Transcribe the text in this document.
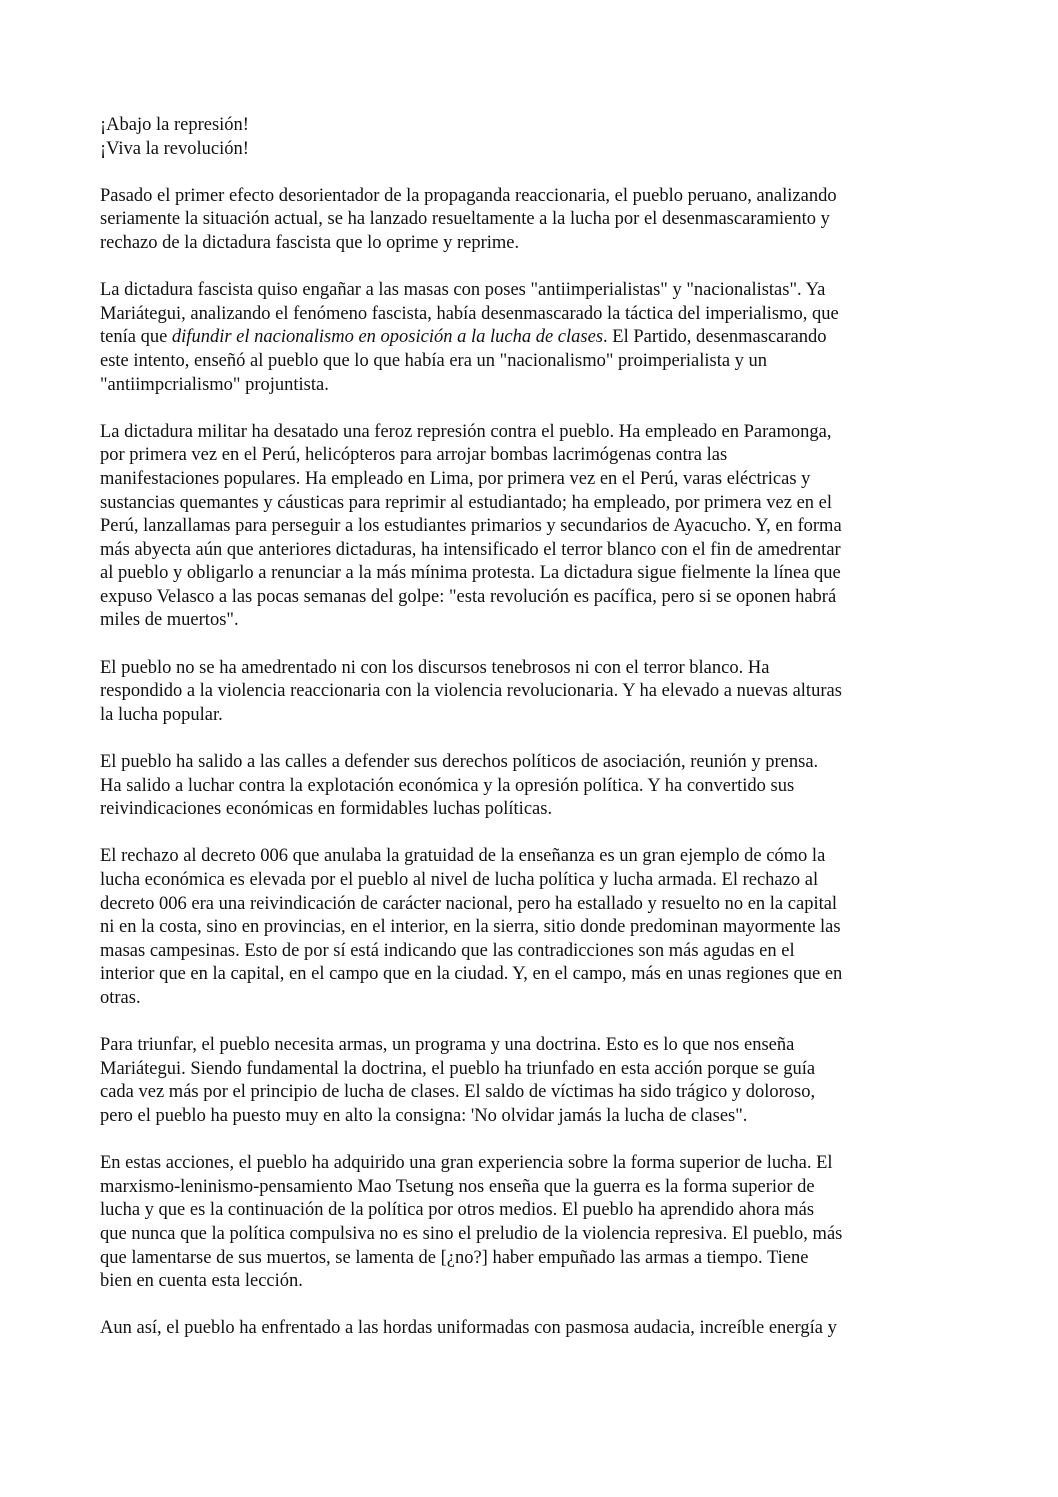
¡Abajo la represión!
¡Viva la revolución!

Pasado el primer efecto desorientador de la propaganda reaccionaria, el pueblo peruano, analizando
seriamente la situación actual, se ha lanzado resueltamente a la lucha por el desenmascaramiento y
rechazo de la dictadura fascista que lo oprime y reprime.

La dictadura fascista quiso engañar a las masas con poses "antiimperialistas" y "nacionalistas". Ya
Mariátegui, analizando el fenómeno fascista, había desenmascarado la táctica del imperialismo, que
tenía que difundir el nacionalismo en oposición a la lucha de clases. El Partido, desenmascarando
este intento, enseñó al pueblo que lo que había era un "nacionalismo" proimperialista y un
"antiimpcrialismo" projuntista.

La dictadura militar ha desatado una feroz represión contra el pueblo. Ha empleado en Paramonga,
por primera vez en el Perú, helicópteros para arrojar bombas lacrimógenas contra las
manifestaciones populares. Ha empleado en Lima, por primera vez en el Perú, varas eléctricas y
sustancias quemantes y cáusticas para reprimir al estudiantado; ha empleado, por primera vez en el
Perú, lanzallamas para perseguir a los estudiantes primarios y secundarios de Ayacucho. Y, en forma
más abyecta aún que anteriores dictaduras, ha intensificado el terror blanco con el fin de amedrentar
al pueblo y obligarlo a renunciar a la más mínima protesta. La dictadura sigue fielmente la línea que
expuso Velasco a las pocas semanas del golpe: "esta revolución es pacífica, pero si se oponen habrá
miles de muertos".

El pueblo no se ha amedrentado ni con los discursos tenebrosos ni con el terror blanco. Ha
respondido a la violencia reaccionaria con la violencia revolucionaria. Y ha elevado a nuevas alturas
la lucha popular.

El pueblo ha salido a las calles a defender sus derechos políticos de asociación, reunión y prensa.
Ha salido a luchar contra la explotación económica y la opresión política. Y ha convertido sus
reivindicaciones económicas en formidables luchas políticas.

El rechazo al decreto 006 que anulaba la gratuidad de la enseñanza es un gran ejemplo de cómo la
lucha económica es elevada por el pueblo al nivel de lucha política y lucha armada. El rechazo al
decreto 006 era una reivindicación de carácter nacional, pero ha estallado y resuelto no en la capital
ni en la costa, sino en provincias, en el interior, en la sierra, sitio donde predominan mayormente las
masas campesinas. Esto de por sí está indicando que las contradicciones son más agudas en el
interior que en la capital, en el campo que en la ciudad. Y, en el campo, más en unas regiones que en
otras.

Para triunfar, el pueblo necesita armas, un programa y una doctrina. Esto es lo que nos enseña
Mariátegui. Siendo fundamental la doctrina, el pueblo ha triunfado en esta acción porque se guía
cada vez más por el principio de lucha de clases. El saldo de víctimas ha sido trágico y doloroso,
pero el pueblo ha puesto muy en alto la consigna: 'No olvidar jamás la lucha de clases".

En estas acciones, el pueblo ha adquirido una gran experiencia sobre la forma superior de lucha. El
marxismo-leninismo-pensamiento Mao Tsetung nos enseña que la guerra es la forma superior de
lucha y que es la continuación de la política por otros medios. El pueblo ha aprendido ahora más
que nunca que la política compulsiva no es sino el preludio de la violencia represiva. El pueblo, más
que lamentarse de sus muertos, se lamenta de [¿no?] haber empuñado las armas a tiempo. Tiene
bien en cuenta esta lección.

Aun así, el pueblo ha enfrentado a las hordas uniformadas con pasmosa audacia, increíble energía y
